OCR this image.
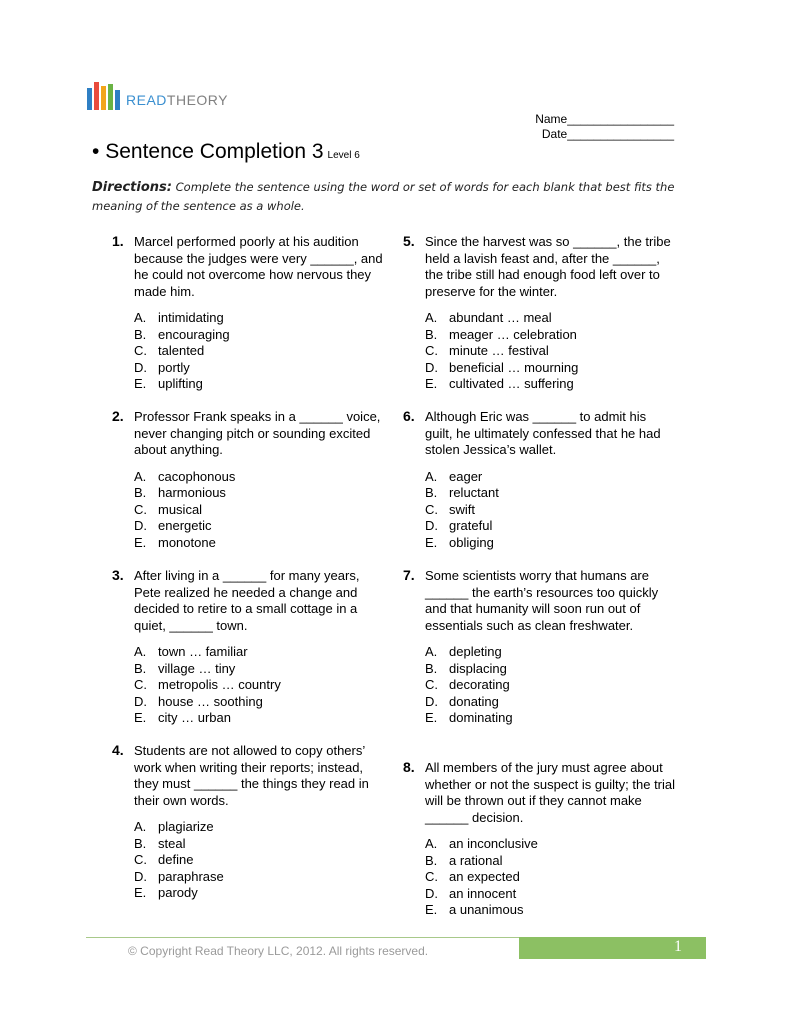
READTHEORY
Name________________
Date________________
• Sentence Completion 3 Level 6
Directions: Complete the sentence using the word or set of words for each blank that best fits the meaning of the sentence as a whole.
1. Marcel performed poorly at his audition because the judges were very ______, and he could not overcome how nervous they made him.

A. intimidating
B. encouraging
C. talented
D. portly
E. uplifting
2. Professor Frank speaks in a ______ voice, never changing pitch or sounding excited about anything.

A. cacophonous
B. harmonious
C. musical
D. energetic
E. monotone
3. After living in a ______ for many years, Pete realized he needed a change and decided to retire to a small cottage in a quiet, ______ town.

A. town … familiar
B. village … tiny
C. metropolis … country
D. house … soothing
E. city … urban
4. Students are not allowed to copy others’ work when writing their reports; instead, they must ______ the things they read in their own words.

A. plagiarize
B. steal
C. define
D. paraphrase
E. parody
5. Since the harvest was so ______, the tribe held a lavish feast and, after the ______, the tribe still had enough food left over to preserve for the winter.

A. abundant … meal
B. meager … celebration
C. minute … festival
D. beneficial … mourning
E. cultivated … suffering
6. Although Eric was ______ to admit his guilt, he ultimately confessed that he had stolen Jessica’s wallet.

A. eager
B. reluctant
C. swift
D. grateful
E. obliging
7. Some scientists worry that humans are ______ the earth’s resources too quickly and that humanity will soon run out of essentials such as clean freshwater.

A. depleting
B. displacing
C. decorating
D. donating
E. dominating
8. All members of the jury must agree about whether or not the suspect is guilty; the trial will be thrown out if they cannot make ______ decision.

A. an inconclusive
B. a rational
C. an expected
D. an innocent
E. a unanimous
© Copyright Read Theory LLC, 2012. All rights reserved.	1
